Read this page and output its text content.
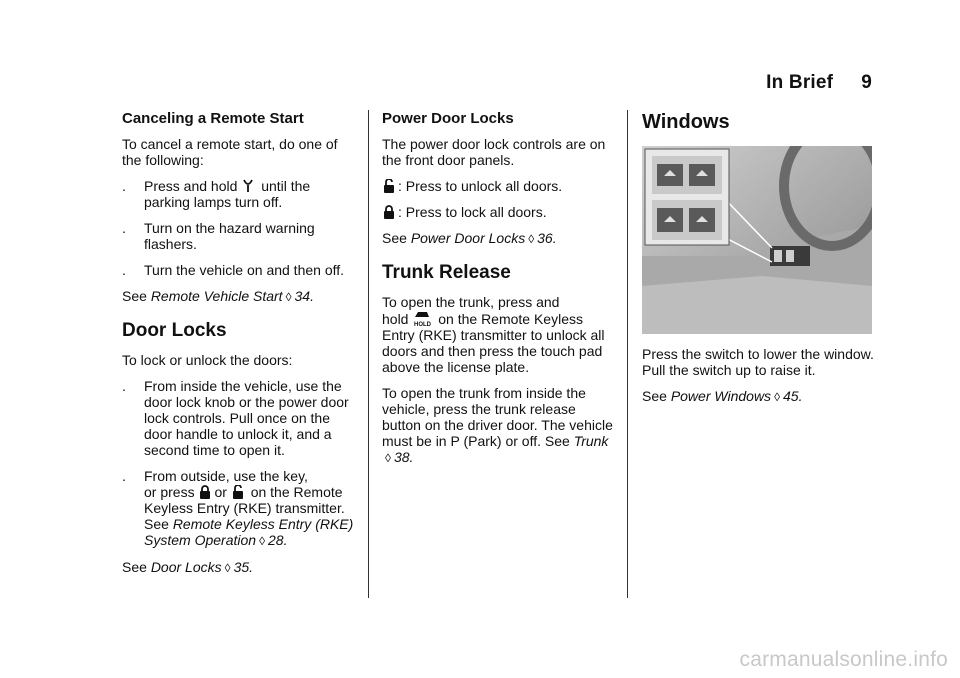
In Brief 9
Canceling a Remote Start

To cancel a remote start, do one of the following:

.	Press and hold until the parking lamps turn off.
.	Turn on the hazard warning flashers.
.	Turn the vehicle on and then off.

See Remote Vehicle Start ◊ 34.

Door Locks

To lock or unlock the doors:

.	From inside the vehicle, use the door lock knob or the power door lock controls. Pull once on the door handle to unlock it, and a second time to open it.
.	From outside, use the key,
or press or on the Remote Keyless Entry (RKE) transmitter. See Remote Keyless Entry (RKE) System Operation ◊ 28.

See Door Locks ◊ 35.

Power Door Locks

The power door lock controls are on the front door panels.

: Press to unlock all doors.

: Press to lock all doors.

See Power Door Locks ◊ 36.

Trunk Release

To open the trunk, press and
hold HOLD on the Remote Keyless Entry (RKE) transmitter to unlock all doors and then press the touch pad above the license plate.

To open the trunk from inside the vehicle, press the trunk release button on the driver door. The vehicle must be in P (Park) or off. See Trunk◊ 38.

Windows

Press the switch to lower the window. Pull the switch up to raise it.

See Power Windows ◊ 45.

carmanualsonline.info
